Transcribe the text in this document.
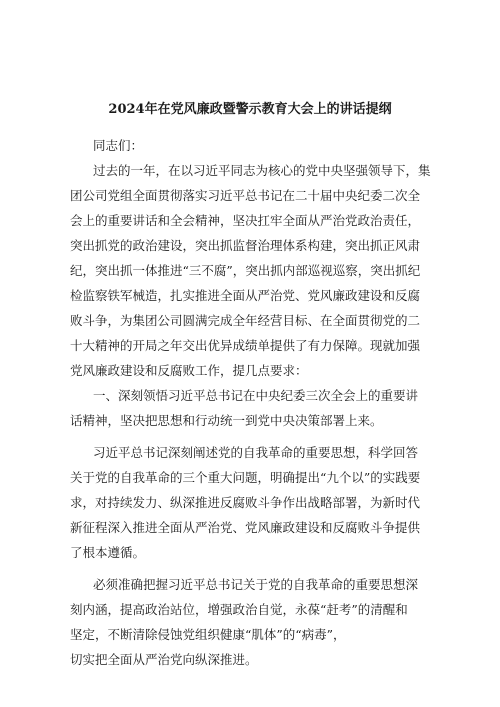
2024年在党风廉政暨警示教育大会上的讲话提纲
同志们：
过去的一年，在以习近平同志为核心的党中央坚强领导下，集
团公司党组全面贯彻落实习近平总书记在二十届中央纪委二次全
会上的重要讲话和全会精神，坚决扛牢全面从严治党政治责任，
突出抓党的政治建设，突出抓监督治理体系构建，突出抓正风肃
纪，突出抓一体推进“三不腐”，突出抓内部巡视巡察，突出抓纪
检监察铁军械造，扎实推进全面从严治党、党风廉政建设和反腐
败斗争，为集团公司圆满完成全年经营目标、在全面贯彻党的二
十大精神的开局之年交出优异成绩单提供了有力保障。现就加强
党风廉政建设和反腐败工作，提几点要求：
一、深刻领悟习近平总书记在中央纪委三次全会上的重要讲
话精神，坚决把思想和行动统一到党中央决策部署上来。
习近平总书记深刻阐述党的自我革命的重要思想，科学回答
关于党的自我革命的三个重大问题，明确提出“九个以”的实践要
求，对持续发力、纵深推进反腐败斗争作出战略部署，为新时代
新征程深入推进全面从严治党、党风廉政建设和反腐败斗争提供
了根本遵循。
必须准确把握习近平总书记关于党的自我革命的重要思想深
刻内涵，提高政治站位，增强政治自觉，永葆“赶考”的清醒和
坚定，不断清除侵蚀党组织健康“肌体”的“病毒”，
切实把全面从严治党向纵深推进。
